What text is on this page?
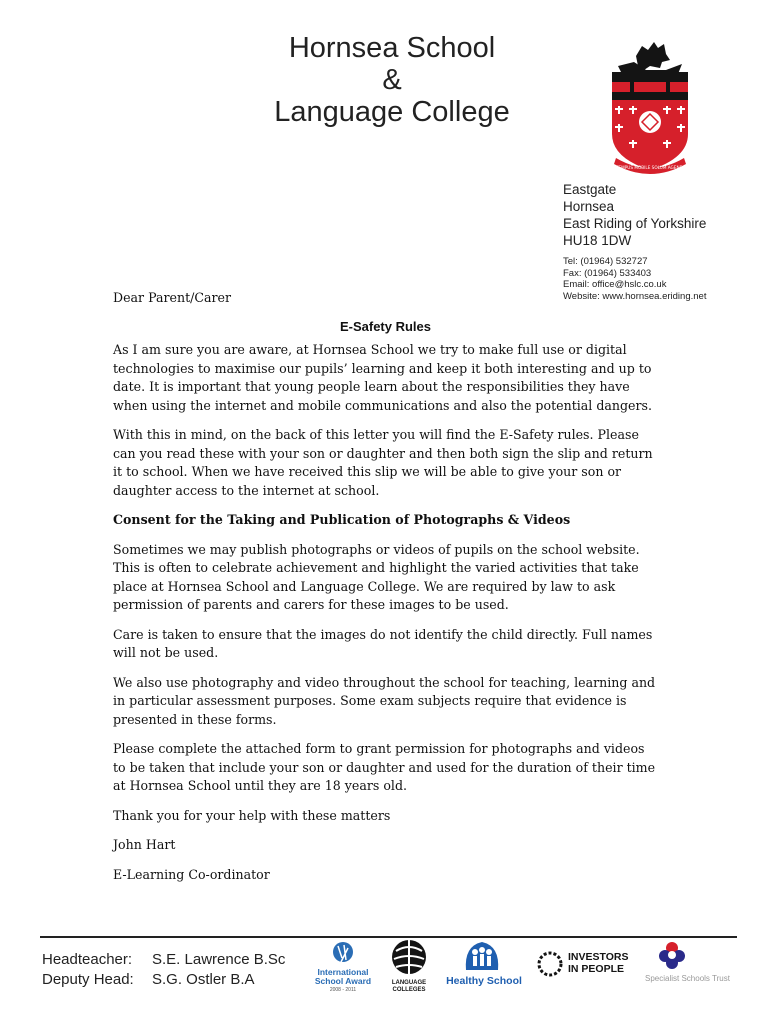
Hornsea School
&
Language College
TEMPUS MOBILE SOLUM AGENDI
Eastgate
Hornsea
East Riding of Yorkshire
HU18 1DW
Tel: (01964) 532727
Fax: (01964) 533403
Email: office@hslc.co.uk
Website: www.hornsea.eriding.net

Dear Parent/Carer

E-Safety Rules

As I am sure you are aware, at Hornsea School we try to make full use or digital technologies to maximise our pupils’ learning and keep it both interesting and up to date. It is important that young people learn about the responsibilities they have when using the internet and mobile communications and also the potential dangers.

With this in mind, on the back of this letter you will find the E-Safety rules. Please can you read these with your son or daughter and then both sign the slip and return it to school. When we have received this slip we will be able to give your son or daughter access to the internet at school.

Consent for the Taking and Publication of Photographs & Videos

Sometimes we may publish photographs or videos of pupils on the school website. This is often to celebrate achievement and highlight the varied activities that take place at Hornsea School and Language College. We are required by law to ask permission of parents and carers for these images to be used.

Care is taken to ensure that the images do not identify the child directly. Full names will not be used.

We also use photography and video throughout the school for teaching, learning and in particular assessment purposes. Some exam subjects require that evidence is presented in these forms.

Please complete the attached form to grant permission for photographs and videos to be taken that include your son or daughter and used for the duration of their time at Hornsea School until they are 18 years old.

Thank you for your help with these matters

John Hart

E-Learning Co-ordinator

Headteacher: S.E. Lawrence B.Sc
Deputy Head: S.G. Ostler B.A	International
School Award
2008 - 2011
LANGUAGE
COLLEGES
Healthy School
INVESTORS
IN PEOPLE
Specialist Schools Trust
